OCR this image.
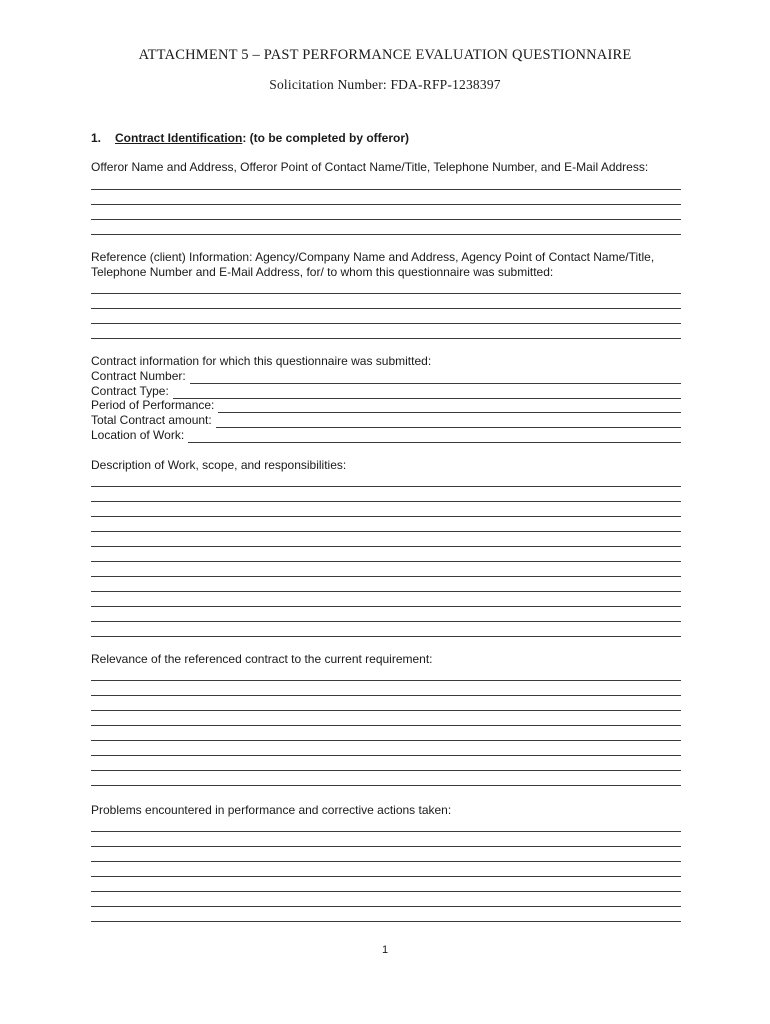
ATTACHMENT 5 – PAST PERFORMANCE EVALUATION QUESTIONNAIRE
Solicitation Number: FDA-RFP-1238397
1. Contract Identification: (to be completed by offeror)
Offeror Name and Address, Offeror Point of Contact Name/Title, Telephone Number, and E-Mail Address:
Reference (client) Information: Agency/Company Name and Address, Agency Point of Contact Name/Title,
Telephone Number and E-Mail Address, for/ to whom this questionnaire was submitted:
Contract information for which this questionnaire was submitted:
Contract Number:
Contract Type:
Period of Performance:
Total Contract amount:
Location of Work:
Description of Work, scope, and responsibilities:
Relevance of the referenced contract to the current requirement:
Problems encountered in performance and corrective actions taken:
1
